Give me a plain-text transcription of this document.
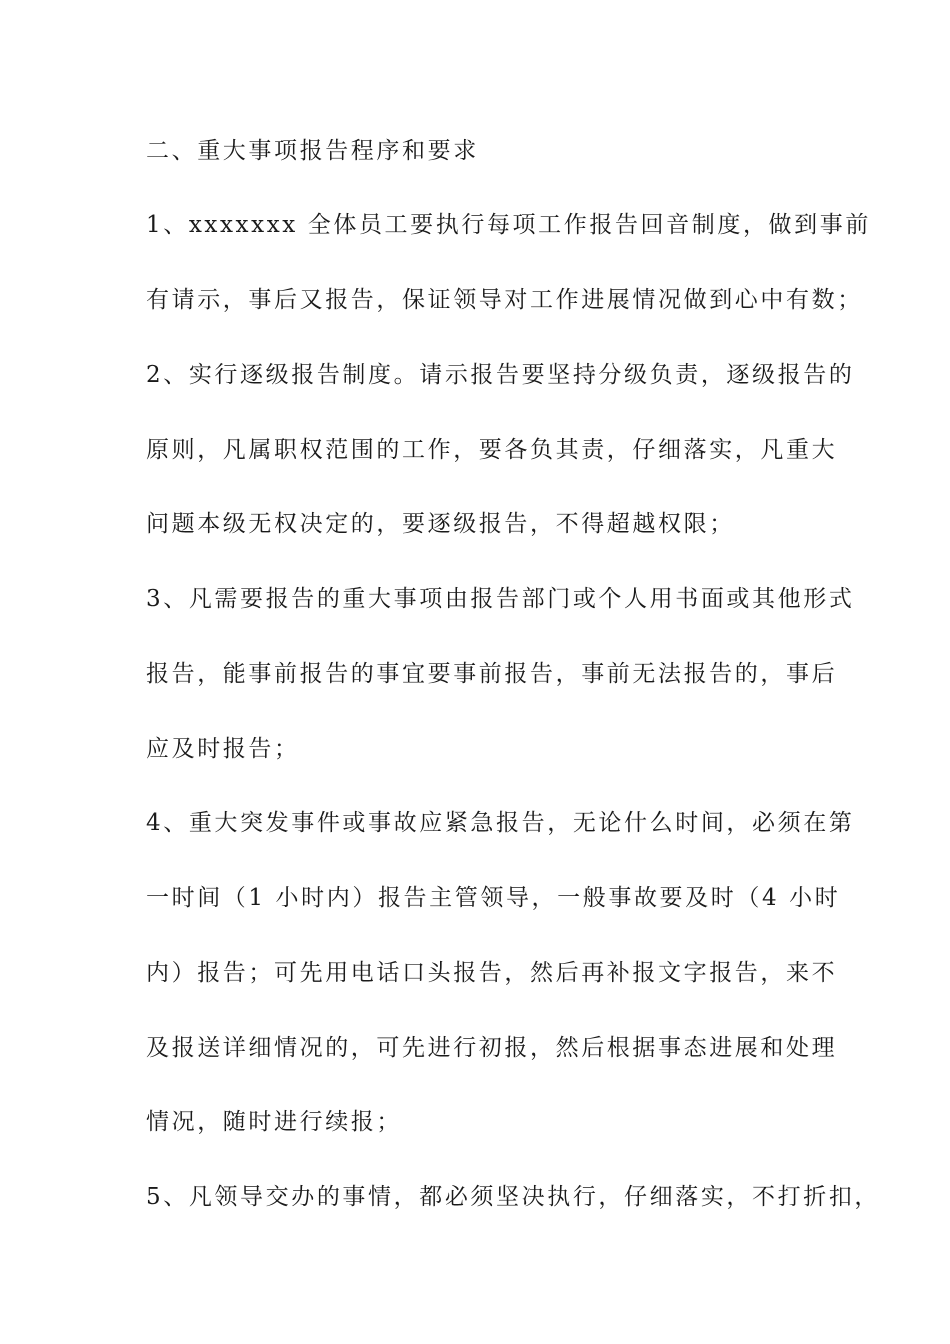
二、重大事项报告程序和要求
1、xxxxxxx 全体员工要执行每项工作报告回音制度，做到事前
有请示，事后又报告，保证领导对工作进展情况做到心中有数；
2、实行逐级报告制度。请示报告要坚持分级负责，逐级报告的
原则，凡属职权范围的工作，要各负其责，仔细落实，凡重大
问题本级无权决定的，要逐级报告，不得超越权限；
3、凡需要报告的重大事项由报告部门或个人用书面或其他形式
报告，能事前报告的事宜要事前报告，事前无法报告的，事后
应及时报告；
4、重大突发事件或事故应紧急报告，无论什么时间，必须在第
一时间（1 小时内）报告主管领导，一般事故要及时（4 小时
内）报告；可先用电话口头报告，然后再补报文字报告，来不
及报送详细情况的，可先进行初报，然后根据事态进展和处理
情况，随时进行续报；
5、凡领导交办的事情，都必须坚决执行，仔细落实，不打折扣，
